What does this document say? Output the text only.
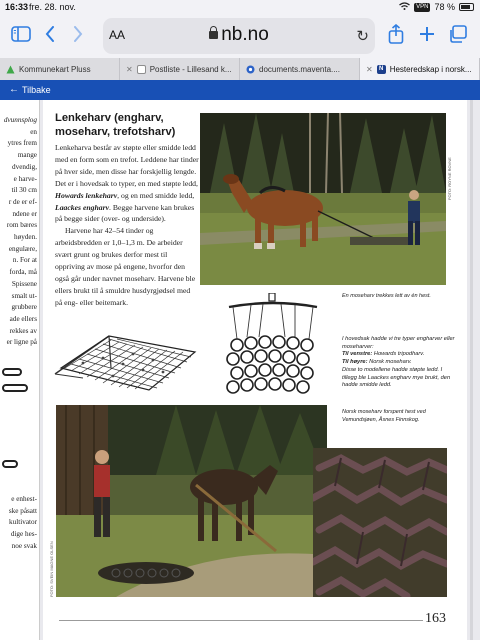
16:33 fre. 28. nov.	VPN 78 %
AA	nb.no	↻
Kommunekart Pluss	✕ Postliste - Lillesand k...	documents.maventa....	✕	N Hesteredskap i norsk...
← Tilbake
dvunnsplog
en
ytres frem
mange
dvendig,
e harve-
til 30 cm
r de er ef-
ndene er
rom bæres
høyden.
engulære,
n. For at
forda, må
Spissene
smalt ut-
grubbere
ade ellers
rekkes av
er ligne på
e enhest-
ske påsatt
kultivator
dige hes-
noe svak
Lenkeharv (engharv, moseharv, trefotsharv)

Lenkeharva består av støpte eller smidde ledd med en form som en trefot. Leddene har tinder på hver side, men disse har forskjellig lengde. Det er i hovedsak to typer, en med støpte ledd, Howards lenkeharv, og en med smidde ledd, Laackes engharv. Begge harvene kan brukes på begge sider (over- og underside).

Harvene har 42–54 tinder og arbeidsbredden er 1,0–1,3 m. De arbeider svært grunt og brukes derfor mest til oppriving av mose på engene, hvorfor den også går under navnet moseharv. Harvene ble ellers brukt til å smuldre husdyrgjødsel med på eng- eller beitemark.

FOTO: ROYNE ROVNE
En moseharv trekkes lett av én hest.
I hovedsak hadde vi tre typer engharver eller moseharver:
Til venstre: Howards tripodharv.
Til høyre: Norsk moseharv.
Disse to modellene hadde støpte ledd. I tillegg ble Laackes engharv mye brukt, den hadde smidde ledd.
FOTO: SVEIN MAGNE OLSEN
Norsk moseharv forspent hest ved Vemundsjøen, Åsnes Finnskog.
163
